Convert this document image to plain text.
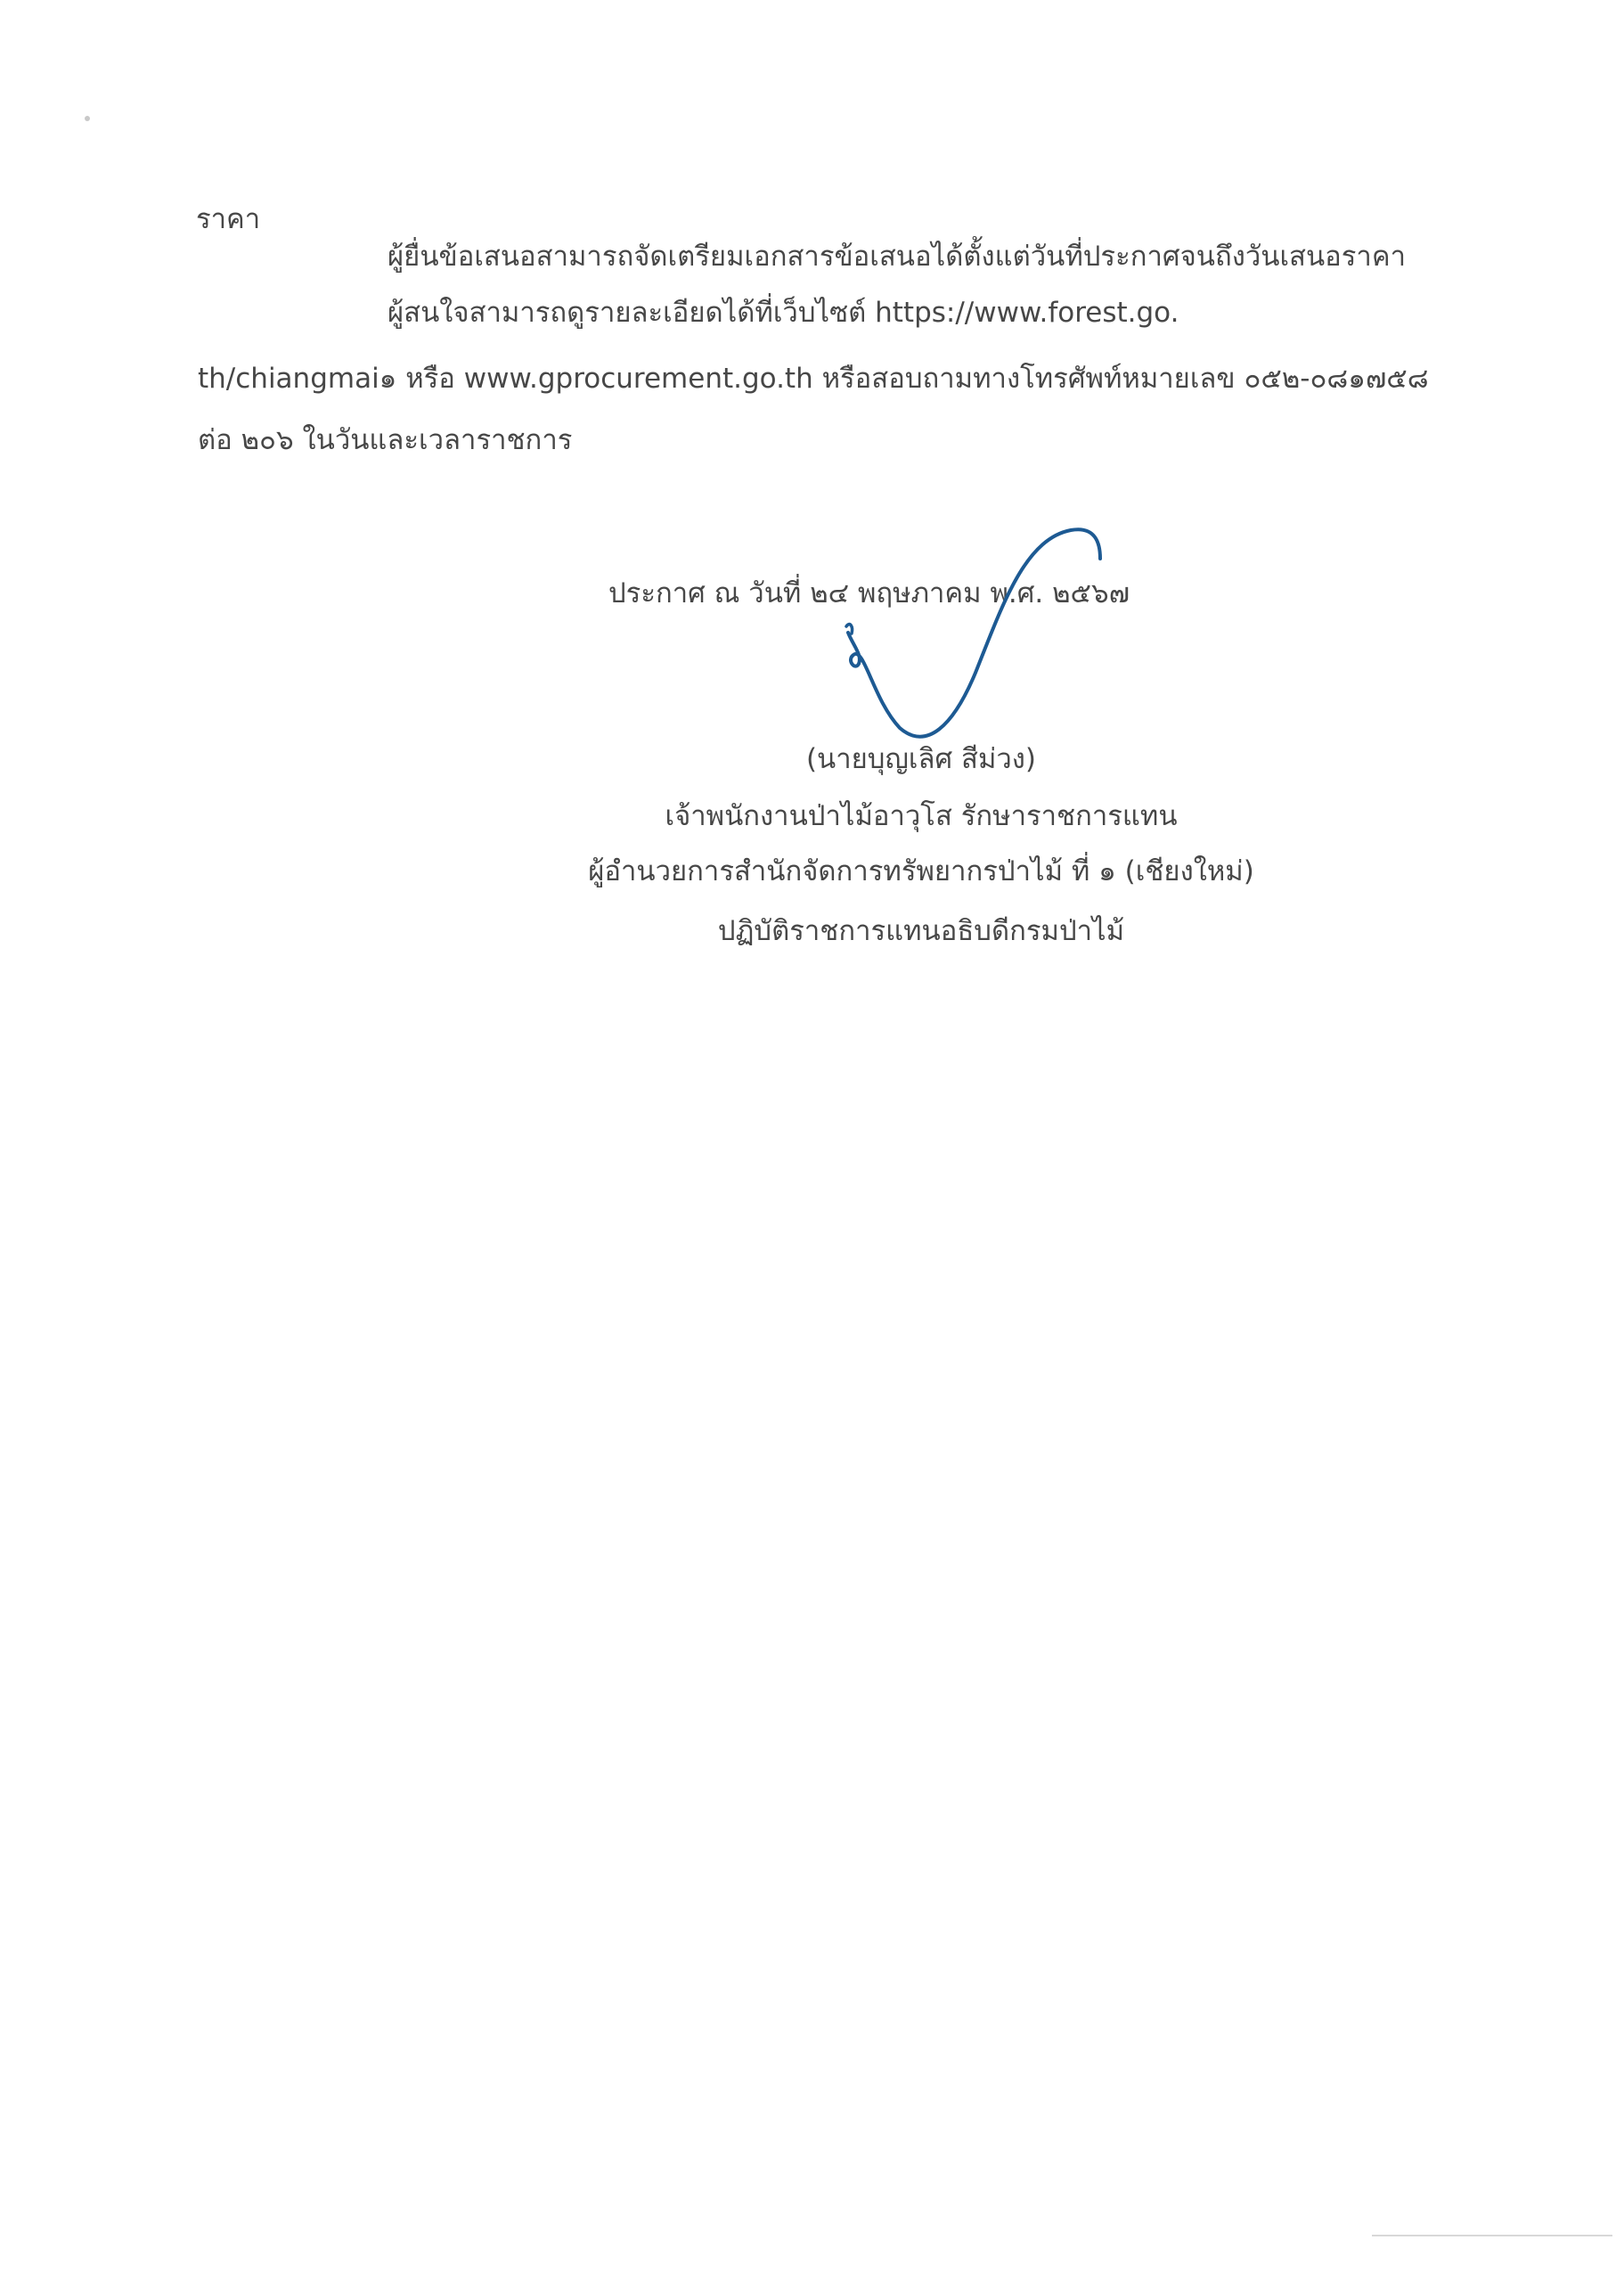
ราคา
ผู้ยื่นข้อเสนอสามารถจัดเตรียมเอกสารข้อเสนอได้ตั้งแต่วันที่ประกาศจนถึงวันเสนอราคา
ผู้สนใจสามารถดูรายละเอียดได้ที่เว็บไซต์ https://www.forest.go.
th/chiangmai๑ หรือ www.gprocurement.go.th หรือสอบถามทางโทรศัพท์หมายเลข ๐๕๒-๐๘๑๗๕๘
ต่อ ๒๐๖ ในวันและเวลาราชการ
ประกาศ ณ วันที่ ๒๔ พฤษภาคม พ.ศ. ๒๕๖๗
(นายบุญเลิศ สีม่วง)
เจ้าพนักงานป่าไม้อาวุโส รักษาราชการแทน
ผู้อำนวยการสำนักจัดการทรัพยากรป่าไม้ ที่ ๑ (เชียงใหม่)
ปฏิบัติราชการแทนอธิบดีกรมป่าไม้
